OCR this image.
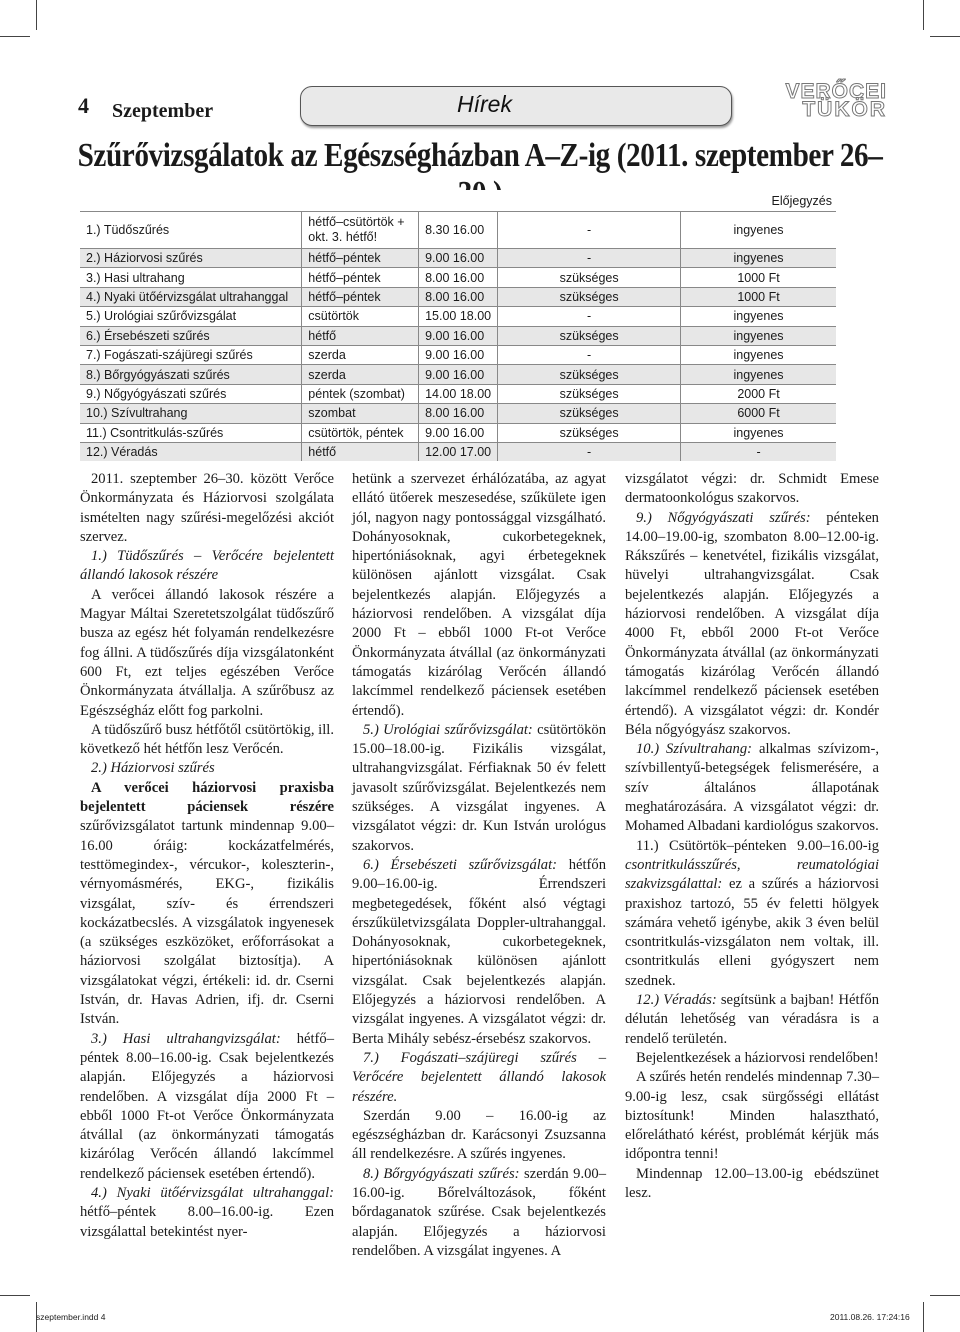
4 Szeptember	Hírek	VERŐCEI
TÜKÖR
Szűrővizsgálatok az Egészségházban A–Z-ig (2011. szeptember 26–
			Előjegyzés	
1.) Tüdőszűrés	hétfő–csütörtök + okt. 3. hétfő!	8.30 16.00	-	ingyenes
2.) Háziorvosi szűrés	hétfő–péntek	9.00 16.00	-	ingyenes
3.) Hasi ultrahang	hétfő–péntek	8.00 16.00	szükséges	1000 Ft
4.) Nyaki ütőérvizsgálat ultrahanggal	hétfő–péntek	8.00 16.00	szükséges	1000 Ft
5.) Urológiai szűrővizsgálat	csütörtök	15.00 18.00	-	ingyenes
6.) Érsebészeti szűrés	hétfő	9.00 16.00	szükséges	ingyenes
7.) Fogászati-szájüregi szűrés	szerda	9.00 16.00	-	ingyenes
8.) Bőrgyógyászati szűrés	szerda	9.00 16.00	szükséges	ingyenes
9.) Nőgyógyászati szűrés	péntek (szombat)	14.00 18.00	szükséges	2000 Ft
10.) Szívultrahang	szombat	8.00 16.00	szükséges	6000 Ft
11.) Csontritkulás-szűrés	csütörtök, péntek	9.00 16.00	szükséges	ingyenes
12.) Véradás	hétfő	12.00 17.00	-	-

2011. szeptember 26–30. között Verőce Önkormányzata és Háziorvosi szolgálata ismételten nagy szűrési-megelőzési akciót szervez.

1.) Tüdőszűrés – Verőcére bejelentett állandó lakosok részére

A verőcei állandó lakosok részére a Magyar Máltai Szeretetszolgálat tüdőszűrő busza az egész hét folyamán rendelkezésre fog állni. A tüdőszűrés díja vizsgálatonként 600 Ft, ezt teljes egészében Verőce Önkormányzata átvállalja. A szűrőbusz az Egészségház előtt fog parkolni.

A tüdőszűrő busz hétfőtől csütörtökig, ill. következő hét hétfőn lesz Verőcén.

2.) Háziorvosi szűrés

A verőcei háziorvosi praxisba bejelentett páciensek részére szűrővizsgálatot tartunk mindennap 9.00–16.00 óráig: kockázatfelmérés, testtömegindex-, vércukor-, koleszterin-, vérnyomásmérés, EKG-, fizikális vizsgálat, szív- és érrendszeri kockázatbecslés. A vizsgálatok ingyenesek (a szükséges eszközöket, erőforrásokat a háziorvosi szolgálat biztosítja). A vizsgálatokat végzi, értékeli: id. dr. Cserni István, dr. Havas Adrien, ifj. dr. Cserni István.

3.) Hasi ultrahangvizsgálat: hétfő–péntek 8.00–16.00-ig. Csak bejelentkezés alapján. Előjegyzés a háziorvosi rendelőben. A vizsgálat díja 2000 Ft – ebből 1000 Ft-ot Verőce Önkormányzata átvállal (az önkormányzati támogatás kizárólag Verőcén állandó lakcímmel rendelkező páciensek esetében értendő).

4.) Nyaki ütőérvizsgálat ultrahanggal: hétfő–péntek 8.00–16.00-ig. Ezen vizsgálattal betekintést nyer-

hetünk a szervezet érhálózatába, az agyat ellátó ütőerek meszesedése, szűkülete igen jól, nagyon nagy pontossággal vizsgálható. Dohányosoknak, cukorbetegeknek, hipertóniásoknak, agyi érbetegeknek különösen ajánlott vizsgálat. Csak bejelentkezés alapján. Előjegyzés a háziorvosi rendelőben. A vizsgálat díja 2000 Ft – ebből 1000 Ft-ot Verőce Önkormányzata átvállal (az önkormányzati támogatás kizárólag Verőcén állandó lakcímmel rendelkező páciensek esetében értendő).

5.) Urológiai szűrővizsgálat: csütörtökön 15.00–18.00-ig. Fizikális vizsgálat, ultrahangvizsgálat. Férfiaknak 50 év felett javasolt szűrővizsgálat. Bejelentkezés nem szükséges. A vizsgálat ingyenes. A vizsgálatot végzi: dr. Kun István urológus szakorvos.

6.) Érsebészeti szűrővizsgálat: hétfőn 9.00–16.00-ig. Érrendszeri megbetegedések, főként alsó végtagi érszűkületvizsgálata Doppler-ultrahanggal. Dohányosoknak, cukorbetegeknek, hipertóniásoknak különösen ajánlott vizsgálat. Csak bejelentkezés alapján. Előjegyzés a háziorvosi rendelőben. A vizsgálat ingyenes. A vizsgálatot végzi: dr. Berta Mihály sebész-érsebész szakorvos.

7.) Fogászati–szájüregi szűrés – Verőcére bejelentett állandó lakosok részére.

Szerdán 9.00 – 16.00-ig az egészségházban dr. Karácsonyi Zsuzsanna áll rendelkezésre. A szűrés ingyenes.

8.) Bőrgyógyászati szűrés: szerdán 9.00–16.00-ig. Bőrelváltozások, főként bőrdaganatok szűrése. Csak bejelentkezés alapján. Előjegyzés a háziorvosi rendelőben. A vizsgálat ingyenes. A

vizsgálatot végzi: dr. Schmidt Emese dermatoonkológus szakorvos.

9.) Nőgyógyászati szűrés: pénteken 14.00–19.00-ig, szombaton 8.00–12.00-ig. Rákszűrés – kenetvétel, fizikális vizsgálat, hüvelyi ultrahangvizsgálat. Csak bejelentkezés alapján. Előjegyzés a háziorvosi rendelőben. A vizsgálat díja 4000 Ft, ebből 2000 Ft-ot Verőce Önkormányzata átvállal (az önkormányzati támogatás kizárólag Verőcén állandó lakcímmel rendelkező páciensek esetében értendő). A vizsgálatot végzi: dr. Kondér Béla nőgyógyász szakorvos.

10.) Szívultrahang: alkalmas szívizom-, szívbillentyű-betegségek felismerésére, a szív általános állapotának meghatározására. A vizsgálatot végzi: dr. Mohamed Albadani kardiológus szakorvos.

11.) Csütörtök–pénteken 9.00–16.00-ig csontritkulásszűrés, reumatológiai szakvizsgálattal: ez a szűrés a háziorvosi praxishoz tartozó, 55 év feletti hölgyek számára vehető igénybe, akik 3 éven belül csontritkulás-vizsgálaton nem voltak, ill. csontritkulás elleni gyógyszert nem szednek.

12.) Véradás: segítsünk a bajban! Hétfőn délután lehetőség van véradásra is a rendelő területén.

Bejelentkezések a háziorvosi rendelőben!

A szűrés hetén rendelés mindennap 7.30–9.00-ig lesz, csak sürgősségi ellátást biztosítunk! Minden halasztható, előrelátható kérést, problémát kérjük más időpontra tenni!

Mindennap 12.00–13.00-ig ebédszünet lesz.

szeptember.indd 4	2011.08.26. 17:24:16
